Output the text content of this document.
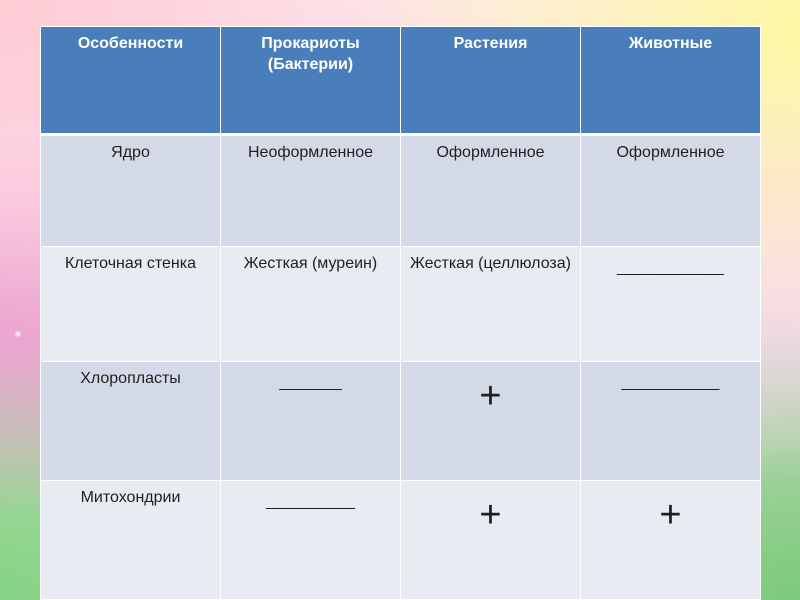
Особенности	Прокариоты (Бактерии)	Растения	Животные
Ядро	Неоформленное	Оформленное	Оформленное
Клеточная стенка	Жесткая (муреин)	Жесткая (целлюлоза)	____________
Хлоропласты	_______	+	___________
Митохондрии	__________	+	+
